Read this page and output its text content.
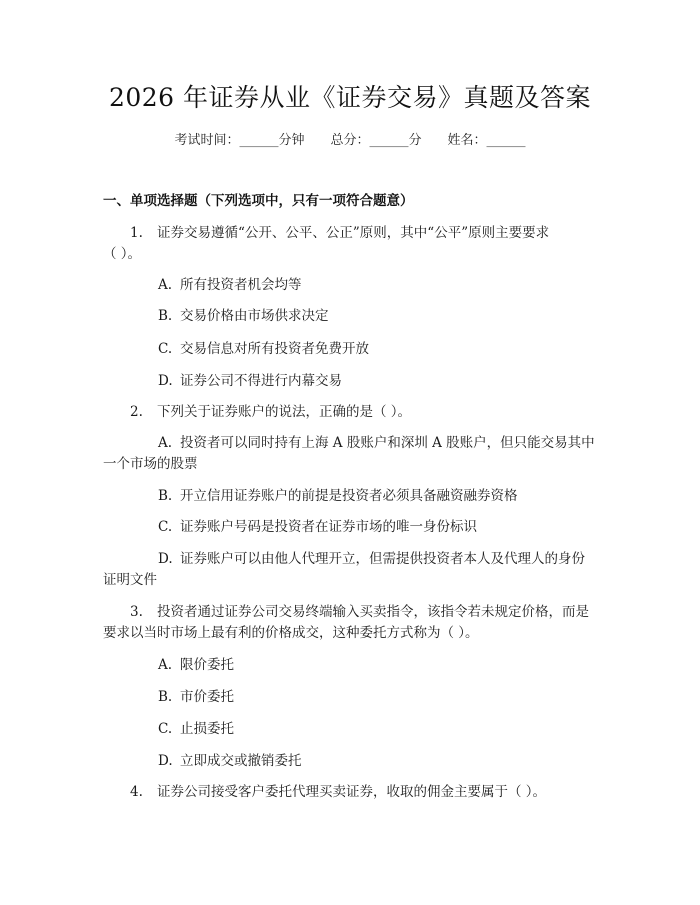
2026 年证券从业《证券交易》真题及答案
考试时间：______分钟 总分：______分 姓名：______
一、单项选择题（下列选项中，只有一项符合题意）
1. 证券交易遵循“公开、公平、公正”原则，其中“公平”原则主要要求
（ ）。
A. 所有投资者机会均等
B. 交易价格由市场供求决定
C. 交易信息对所有投资者免费开放
D. 证券公司不得进行内幕交易
2. 下列关于证券账户的说法，正确的是（ ）。
A. 投资者可以同时持有上海 A 股账户和深圳 A 股账户，但只能交易其中
一个市场的股票
B. 开立信用证券账户的前提是投资者必须具备融资融券资格
C. 证券账户号码是投资者在证券市场的唯一身份标识
D. 证券账户可以由他人代理开立，但需提供投资者本人及代理人的身份
证明文件
3. 投资者通过证券公司交易终端输入买卖指令，该指令若未规定价格，而是
要求以当时市场上最有利的价格成交，这种委托方式称为（ ）。
A. 限价委托
B. 市价委托
C. 止损委托
D. 立即成交或撤销委托
4. 证券公司接受客户委托代理买卖证券，收取的佣金主要属于（ ）。
